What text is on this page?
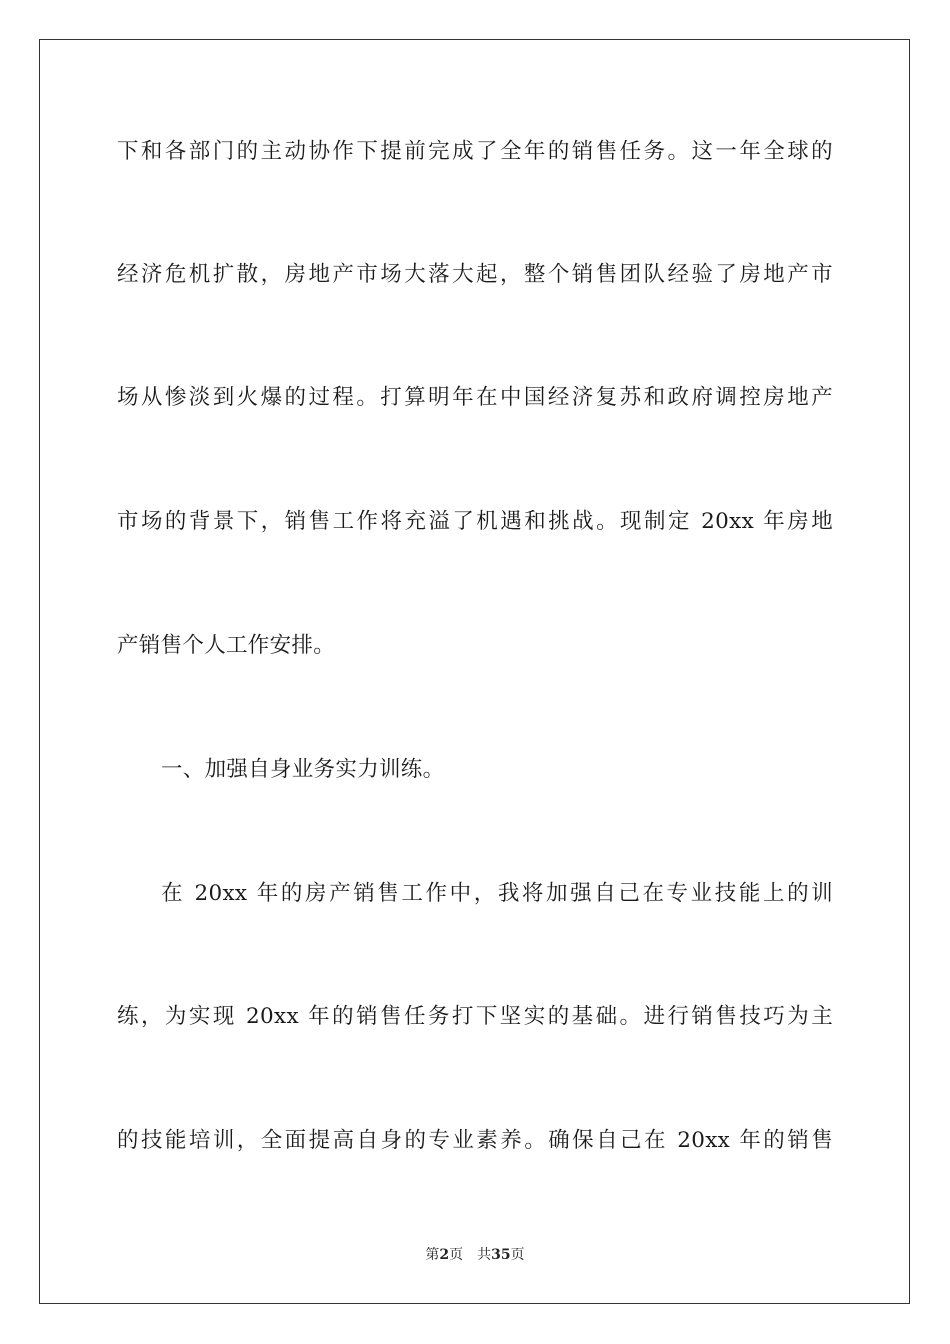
下和各部门的主动协作下提前完成了全年的销售任务。这一年全球的
经济危机扩散，房地产市场大落大起，整个销售团队经验了房地产市
场从惨淡到火爆的过程。打算明年在中国经济复苏和政府调控房地产
市场的背景下，销售工作将充溢了机遇和挑战。现制定 20xx 年房地
产销售个人工作安排。
一、加强自身业务实力训练。
在 20xx 年的房产销售工作中，我将加强自己在专业技能上的训
练，为实现 20xx 年的销售任务打下坚实的基础。进行销售技巧为主
的技能培训，全面提高自身的专业素养。确保自己在 20xx 年的销售
第2页 共35页
